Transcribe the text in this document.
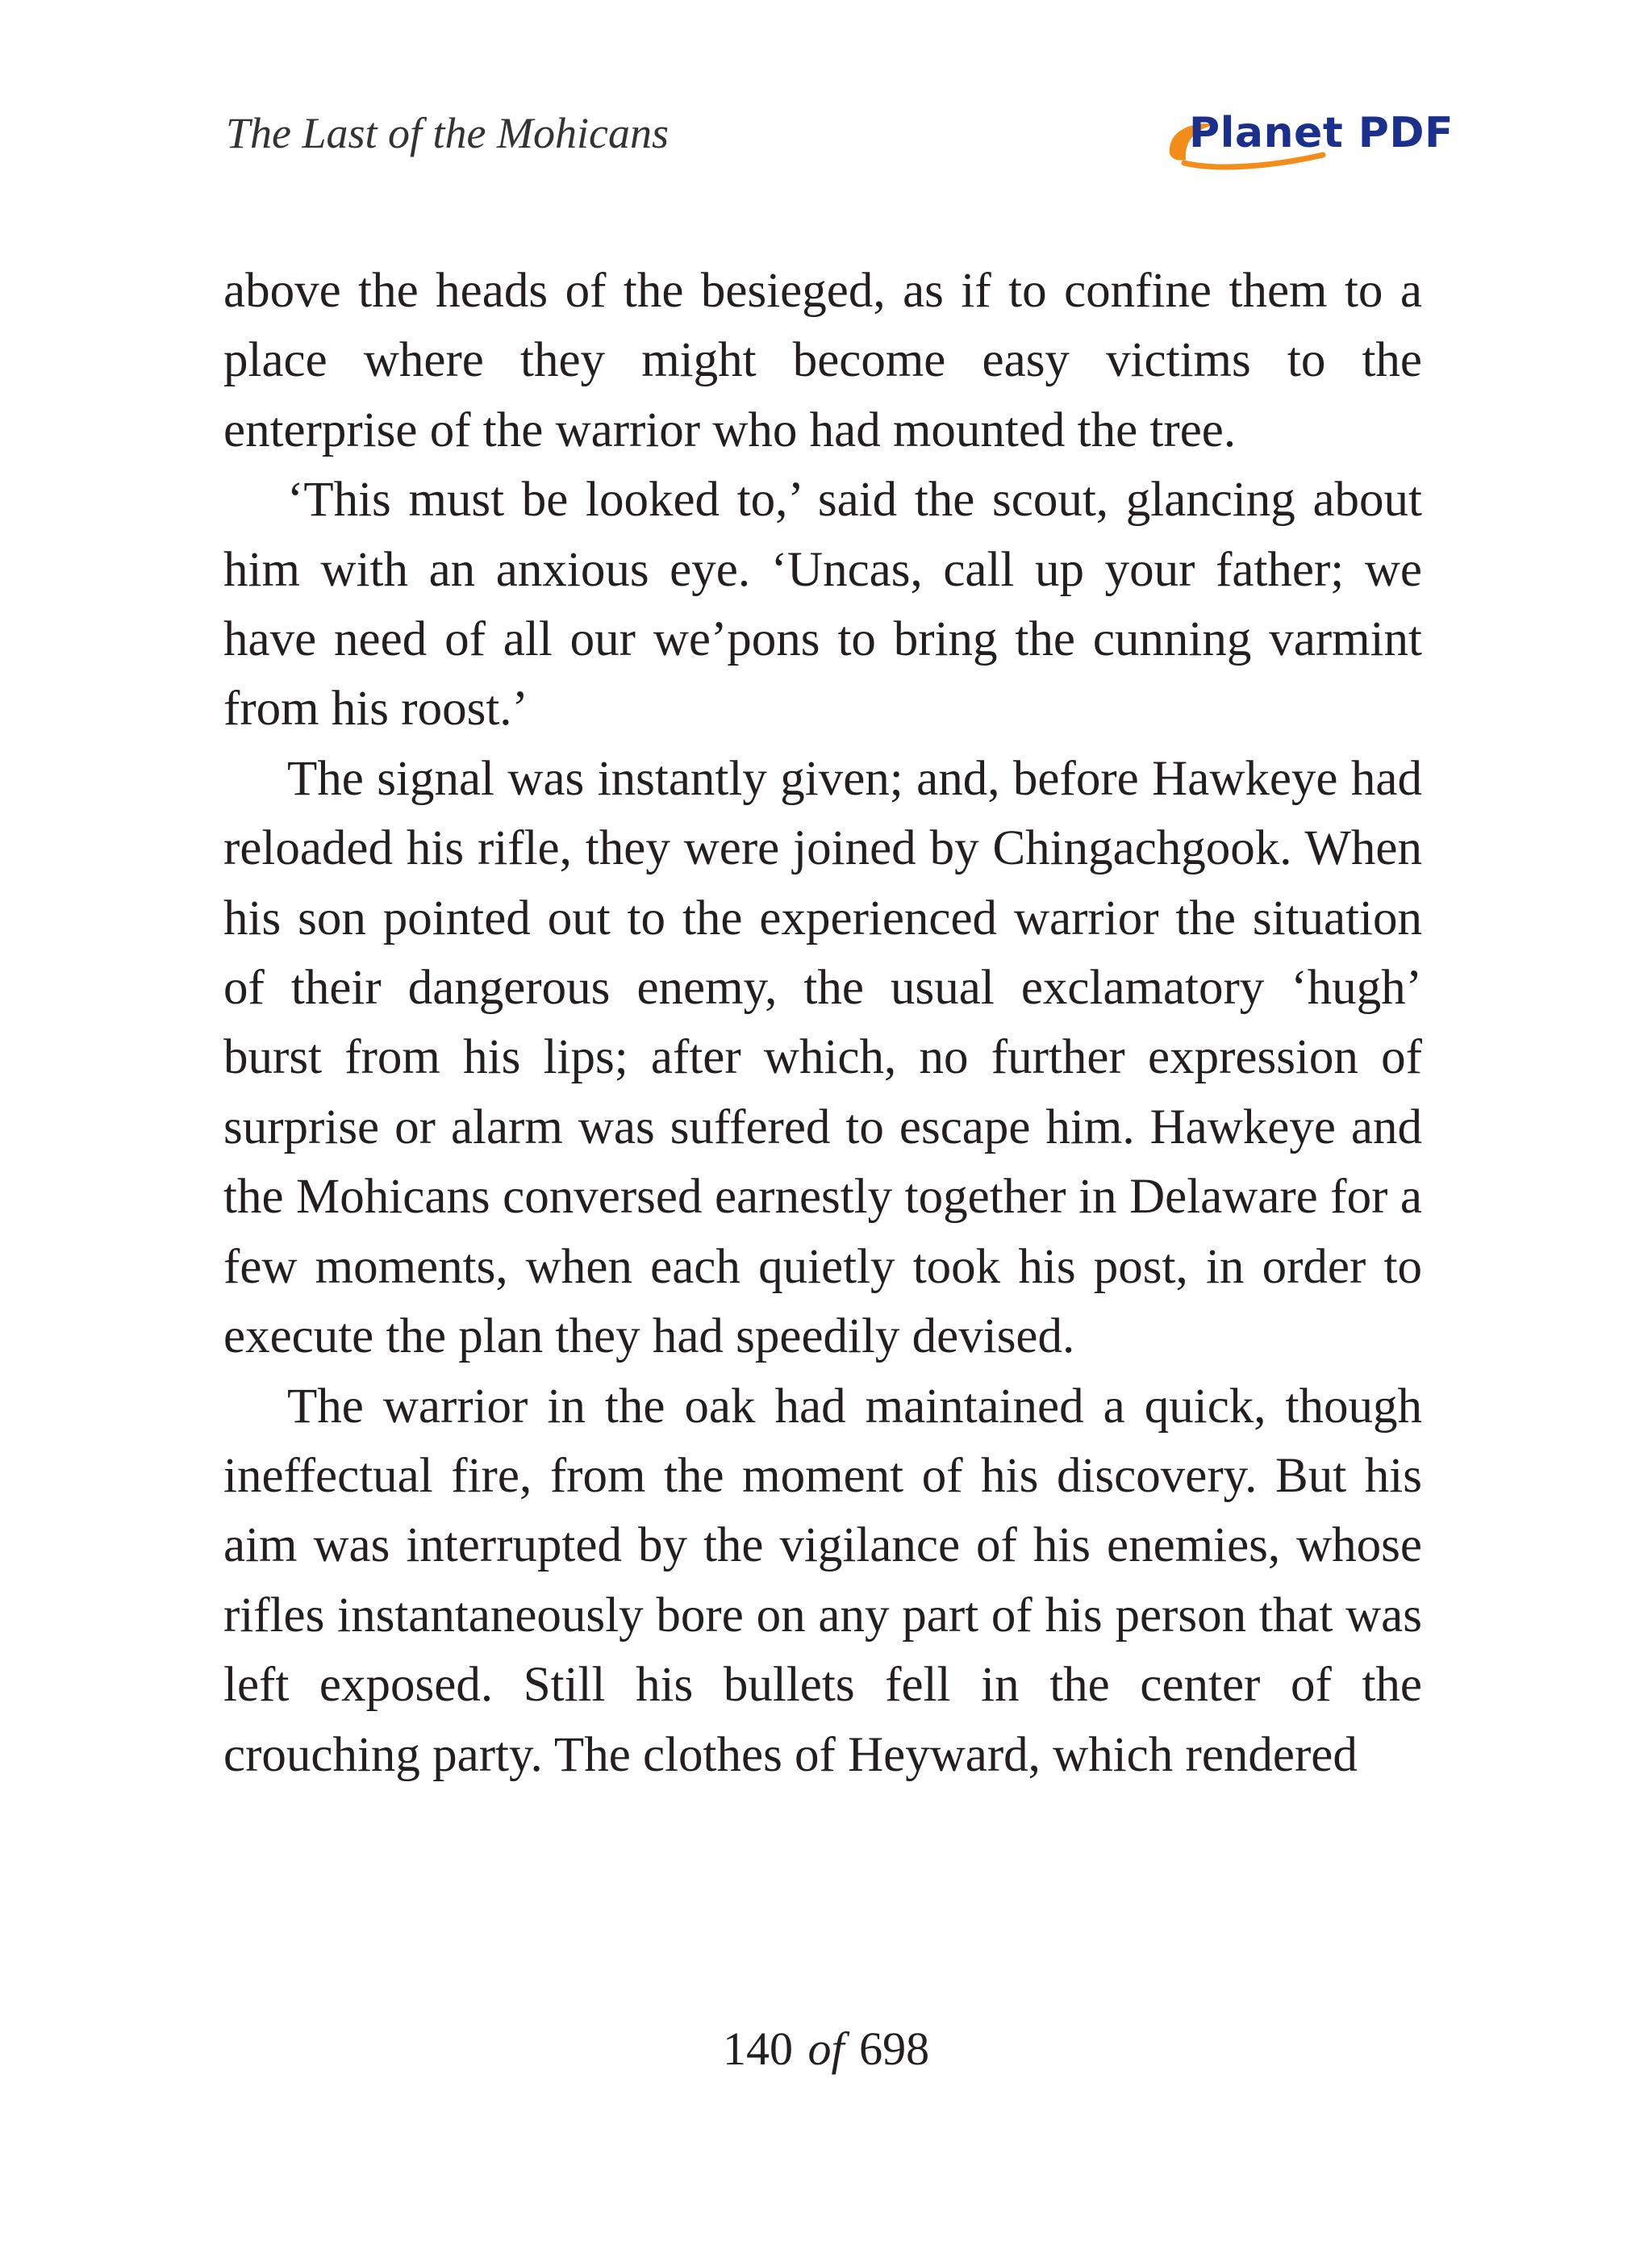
The Last of the Mohicans	Planet PDF

above the heads of the besieged, as if to confine them to a place where they might become easy victims to the enterprise of the warrior who had mounted the tree.

‘This must be looked to,’ said the scout, glancing about him with an anxious eye. ‘Uncas, call up your father; we have need of all our we’pons to bring the cunning varmint from his roost.’

The signal was instantly given; and, before Hawkeye had reloaded his rifle, they were joined by Chingachgook. When his son pointed out to the experienced warrior the situation of their dangerous enemy, the usual exclamatory ‘hugh’ burst from his lips; after which, no further expression of surprise or alarm was suffered to escape him. Hawkeye and the Mohicans conversed earnestly together in Delaware for a few moments, when each quietly took his post, in order to execute the plan they had speedily devised.

The warrior in the oak had maintained a quick, though ineffectual fire, from the moment of his discovery. But his aim was interrupted by the vigilance of his enemies, whose rifles instantaneously bore on any part of his person that was left exposed. Still his bullets fell in the center of the crouching party. The clothes of Heyward, which rendered

140 of 698
